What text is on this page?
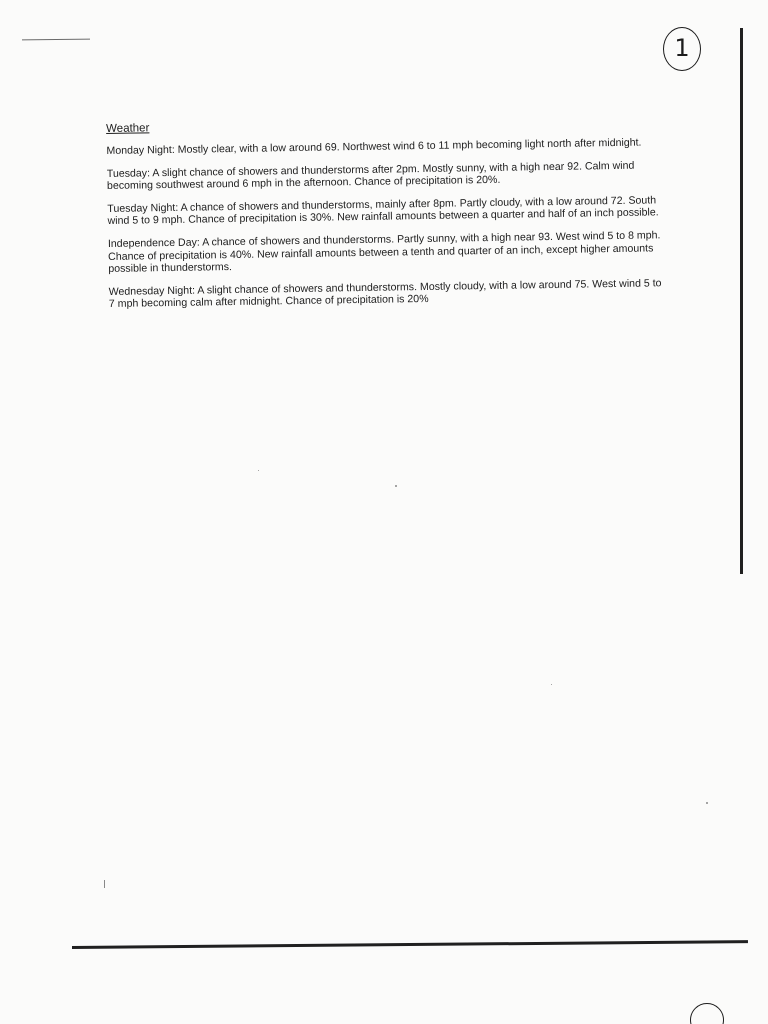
1
Weather

Monday Night: Mostly clear, with a low around 69. Northwest wind 6 to 11 mph becoming light north after midnight.

Tuesday: A slight chance of showers and thunderstorms after 2pm. Mostly sunny, with a high near 92. Calm wind becoming southwest around 6 mph in the afternoon. Chance of precipitation is 20%.

Tuesday Night: A chance of showers and thunderstorms, mainly after 8pm. Partly cloudy, with a low around 72. South wind 5 to 9 mph. Chance of precipitation is 30%. New rainfall amounts between a quarter and half of an inch possible.

Independence Day: A chance of showers and thunderstorms. Partly sunny, with a high near 93. West wind 5 to 8 mph. Chance of precipitation is 40%. New rainfall amounts between a tenth and quarter of an inch, except higher amounts possible in thunderstorms.

Wednesday Night: A slight chance of showers and thunderstorms. Mostly cloudy, with a low around 75. West wind 5 to 7 mph becoming calm after midnight. Chance of precipitation is 20%
